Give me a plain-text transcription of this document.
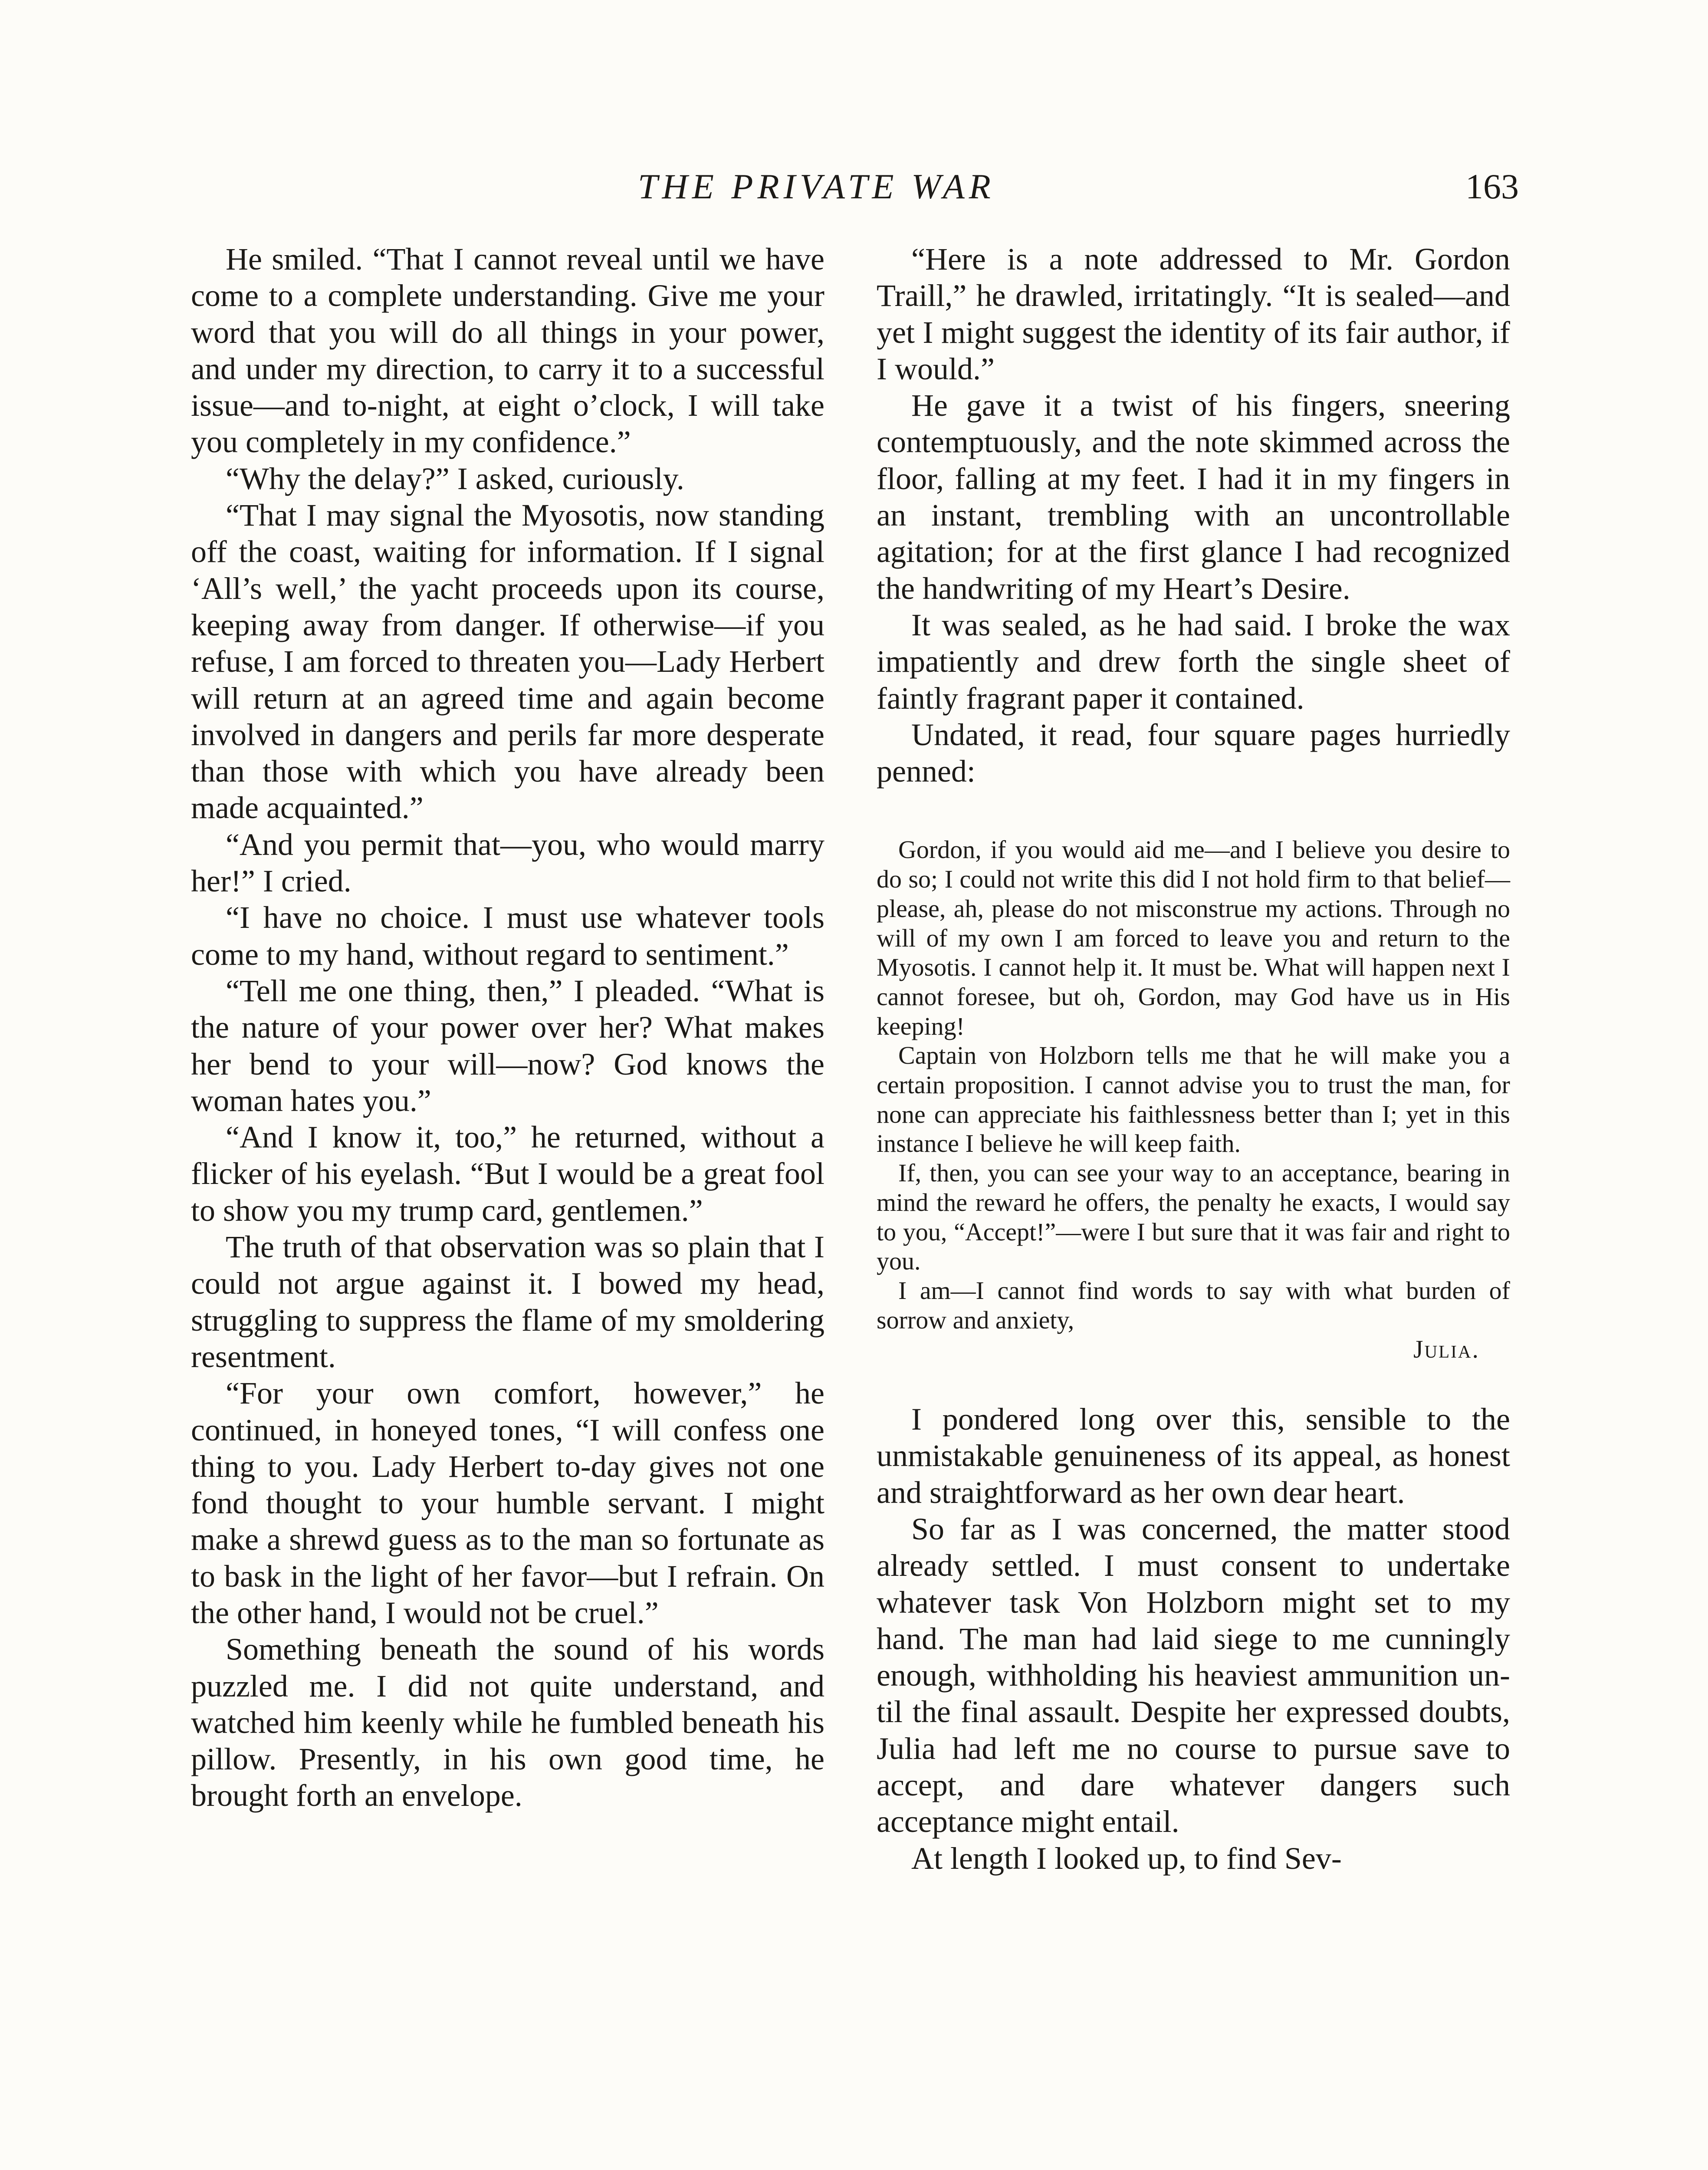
THE PRIVATE WAR	163

He smiled. “That I cannot reveal until we have come to a complete understanding. Give me your word that you will do all things in your power, and under my direction, to carry it to a successful issue—and to-night, at eight o’clock, I will take you completely in my confidence.”

“Why the delay?” I asked, curiously.

“That I may signal the Myosotis, now standing off the coast, waiting for information. If I signal ‘All’s well,’ the yacht proceeds upon its course, keeping away from danger. If otherwise—if you refuse, I am forced to threaten you—Lady Herbert will return at an agreed time and again become involved in dangers and perils far more desperate than those with which you have already been made acquainted.”

“And you permit that—you, who would marry her!” I cried.

“I have no choice. I must use whatever tools come to my hand, without regard to sentiment.”

“Tell me one thing, then,” I pleaded. “What is the nature of your power over her? What makes her bend to your will—now? God knows the woman hates you.”

“And I know it, too,” he returned, without a flicker of his eyelash. “But I would be a great fool to show you my trump card, gentlemen.”

The truth of that observation was so plain that I could not argue against it. I bowed my head, struggling to suppress the flame of my smoldering resentment.

“For your own comfort, however,” he continued, in honeyed tones, “I will confess one thing to you. Lady Herbert to-day gives not one fond thought to your humble servant. I might make a shrewd guess as to the man so fortunate as to bask in the light of her favor—but I refrain. On the other hand, I would not be cruel.”

Something beneath the sound of his words puzzled me. I did not quite understand, and watched him keenly while he fumbled beneath his pillow. Presently, in his own good time, he brought forth an envelope.

“Here is a note addressed to Mr. Gordon Traill,” he drawled, irritatingly. “It is sealed—and yet I might suggest the identity of its fair author, if I would.”

He gave it a twist of his fingers, sneering contemptuously, and the note skimmed across the floor, falling at my feet. I had it in my fingers in an instant, trembling with an uncontrollable agitation; for at the first glance I had recognized the handwriting of my Heart’s Desire.

It was sealed, as he had said. I broke the wax impatiently and drew forth the single sheet of faintly fragrant paper it contained.

Undated, it read, four square pages hurriedly penned:

Gordon, if you would aid me—and I believe you desire to do so; I could not write this did I not hold firm to that belief—please, ah, please do not misconstrue my actions. Through no will of my own I am forced to leave you and return to the Myosotis. I cannot help it. It must be. What will happen next I cannot foresee, but oh, Gordon, may God have us in His keeping!

Captain von Holzborn tells me that he will make you a certain proposition. I cannot advise you to trust the man, for none can appreciate his faithlessness better than I; yet in this instance I believe he will keep faith.

If, then, you can see your way to an acceptance, bearing in mind the reward he offers, the penalty he exacts, I would say to you, “Accept!”—were I but sure that it was fair and right to you.

I am—I cannot find words to say with what burden of sorrow and anxiety,

Julia.

I pondered long over this, sensible to the unmistakable genuineness of its appeal, as honest and straightforward as her own dear heart.

So far as I was concerned, the matter stood already settled. I must consent to undertake whatever task Von Holzborn might set to my hand. The man had laid siege to me cunningly enough, withholding his heaviest ammunition until the final assault. Despite her expressed doubts, Julia had left me no course to pursue save to accept, and dare whatever dangers such acceptance might entail.

At length I looked up, to find Sev-
